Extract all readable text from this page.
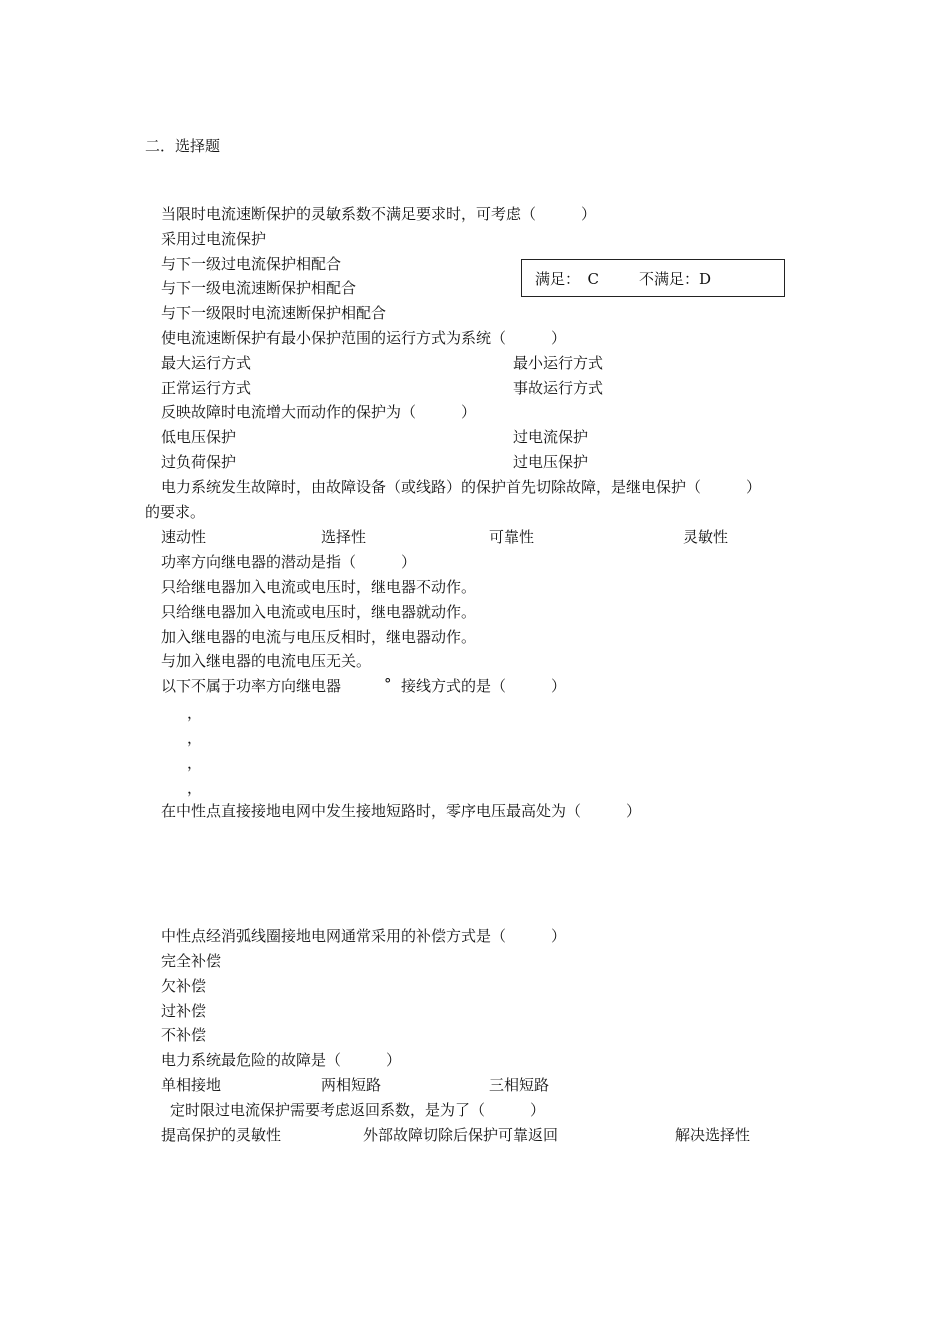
二．选择题
当限时电流速断保护的灵敏系数不满足要求时，可考虑（　　　）
采用过电流保护
与下一级过电流保护相配合
与下一级电流速断保护相配合
与下一级限时电流速断保护相配合
满足：　C	不满足：D
使电流速断保护有最小保护范围的运行方式为系统（　　　）
最大运行方式	最小运行方式
正常运行方式	事故运行方式
反映故障时电流增大而动作的保护为（　　　）
低电压保护	过电流保护
过负荷保护	过电压保护
电力系统发生故障时，由故障设备（或线路）的保护首先切除故障，是继电保护（　　　）
的要求。
速动性	选择性	可靠性	灵敏性
功率方向继电器的潜动是指（　　　）
只给继电器加入电流或电压时，继电器不动作。
只给继电器加入电流或电压时，继电器就动作。
加入继电器的电流与电压反相时，继电器动作。
与加入继电器的电流电压无关。
以下不属于功率方向继电器	° 接线方式的是（　　　）
，
，
，
，
在中性点直接接地电网中发生接地短路时，零序电压最高处为（　　　）
中性点经消弧线圈接地电网通常采用的补偿方式是（　　　）
完全补偿
欠补偿
过补偿
不补偿
电力系统最危险的故障是（　　　）
单相接地	两相短路	三相短路
定时限过电流保护需要考虑返回系数，是为了（　　　）
提高保护的灵敏性	外部故障切除后保护可靠返回	解决选择性
